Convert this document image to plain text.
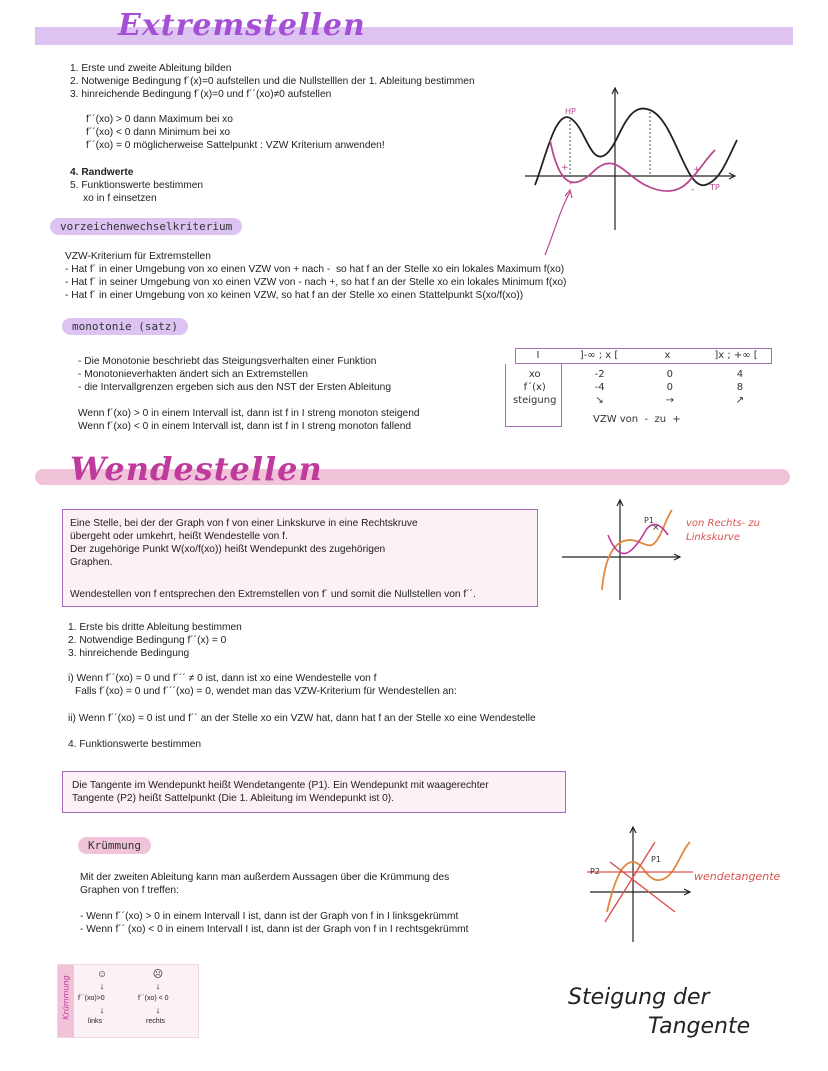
Extremstellen
1. Erste und zweite Ableitung bilden
2. Notwenige Bedingung f´(x)=0 aufstellen und die Nullstelllen der 1. Ableitung bestimmen
3. hinreichende Bedingung f´(x)=0 und f´´(xo)≠0 aufstellen
f´´(xo) > 0 dann Maximum bei xo
f´´(xo) < 0 dann Minimum bei xo
f´´(xo) = 0 möglicherweise Sattelpunkt : VZW Kriterium anwenden!
4. Randwerte
5. Funktionswerte bestimmen
xo in f einsetzen
HP
TP
+
-
-
+
vorzeichenwechselkriterium
VZW-Kriterium für Extremstellen
- Hat f´ in einer Umgebung von xo einen VZW von + nach -  so hat f an der Stelle xo ein lokales Maximum f(xo)
- Hat f´ in seiner Umgebung von xo einen VZW von - nach +, so hat f an der Stelle xo ein lokales Minimum f(xo)
- Hat f´ in einer Umgebung von xo keinen VZW, so hat f an der Stelle xo einen Stattelpunkt S(xo/f(xo))
monotonie (satz)
- Die Monotonie beschriebt das Steigungsverhalten einer Funktion
- Monotonieverhakten ändert sich an Extremstellen
- die Intervallgrenzen ergeben sich aus den NST der Ersten Ableitung
Wenn f´(xo) > 0 in einem Intervall ist, dann ist f in I streng monoton steigend
Wenn f´(xo) < 0 in einem Intervall ist, dann ist f in I streng monoton fallend
I	]-∞ ; x [	x	]x ; +∞ [
xo	-2	0	4
f´(x)	-4	0	8
steigung	↘	→	↗
VZW von  -  zu  +
Wendestellen
Eine Stelle, bei der der Graph von f von einer Linkskurve in eine Rechtskruve
übergeht oder umkehrt, heißt Wendestelle von f.
Der zugehörige Punkt W(xo/f(xo)) heißt Wendepunkt des zugehörigen
Graphen.
Wendestellen von f entsprechen den Extremstellen von f´ und somit die Nullstellen von f´´.
P1
×	von Rechts- zu
Linkskurve
1. Erste bis dritte Ableitung bestimmen
2. Notwendige Bedingung f´´(x) = 0
3. hinreichende Bedingung
i) Wenn f´´(xo) = 0 und f´´´ ≠ 0 ist, dann ist xo eine Wendestelle von f
Falls f´(xo) = 0 und f´´´(xo) = 0, wendet man das VZW-Kriterium für Wendestellen an:
ii) Wenn f´´(xo) = 0 ist und f´´ an der Stelle xo ein VZW hat, dann hat f an der Stelle xo eine Wendestelle
4. Funktionswerte bestimmen
Die Tangente im Wendepunkt heißt Wendetangente (P1). Ein Wendepunkt mit waagerechter
Tangente (P2) heißt Sattelpunkt (Die 1. Ableitung im Wendepunkt ist 0).
Krümmung
Mit der zweiten Ableitung kann man außerdem Aussagen über die Krümmung des
Graphen von f treffen:
- Wenn f´´(xo) > 0 in einem Intervall I ist, dann ist der Graph von f in I linksgekrümmt
- Wenn f´´ (xo) < 0 in einem Intervall I ist, dann ist der Graph von f in I rechtsgekrümmt
P2
P1
wendetangente
Krümmung
☺
↓
f´´(xo)>0
↓
links
☹
↓
f´´(xo) < 0
↓
rechts
Steigung der
Tangente
